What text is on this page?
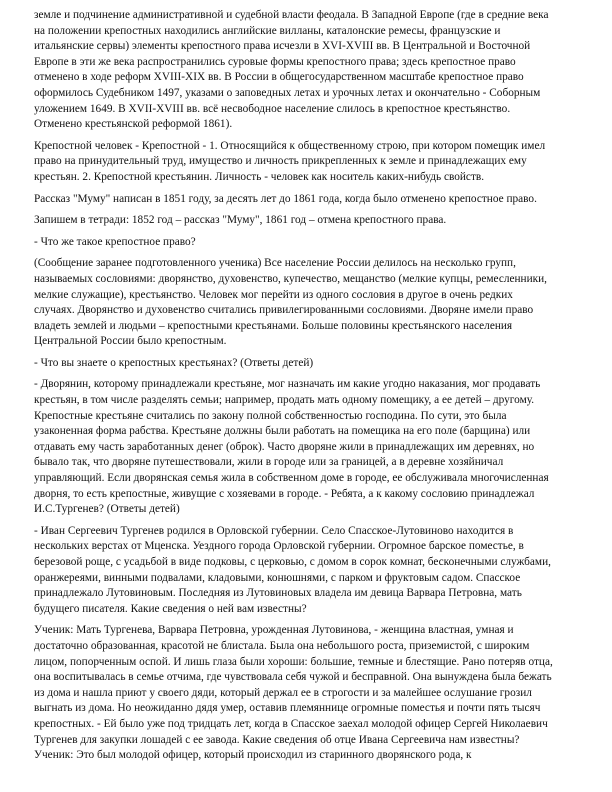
земле и подчинение административной и судебной власти феодала. В Западной Европе (где в средние века на положении крепостных находились английские вилланы, каталонские ремесы, французские и итальянские сервы) элементы крепостного права исчезли в XVI-XVIII вв. В Центральной и Восточной Европе в эти же века распространились суровые формы крепостного права; здесь крепостное право отменено в ходе реформ XVIII-XIX вв. В России в общегосударственном масштабе крепостное право оформилось Судебником 1497, указами о заповедных летах и урочных летах и окончательно - Соборным уложением 1649. В XVII-XVIII вв. всё несвободное население слилось в крепостное крестьянство. Отменено крестьянской реформой 1861).

Крепостной человек - Крепостной - 1. Относящийся к общественному строю, при котором помещик имел право на принудительный труд, имущество и личность прикрепленных к земле и принадлежащих ему крестьян. 2. Крепостной крестьянин. Личность - человек как носитель каких-нибудь свойств.

Рассказ "Муму" написан в 1851 году, за десять лет до 1861 года, когда было отменено крепостное право.

Запишем в тетради: 1852 год – рассказ "Муму", 1861 год – отмена крепостного права.

- Что же такое крепостное право?

(Сообщение заранее подготовленного ученика) Все население России делилось на несколько групп, называемых сословиями: дворянство, духовенство, купечество, мещанство (мелкие купцы, ремесленники, мелкие служащие), крестьянство. Человек мог перейти из одного сословия в другое в очень редких случаях. Дворянство и духовенство считались привилегированными сословиями. Дворяне имели право владеть землей и людьми – крепостными крестьянами. Больше половины крестьянского населения Центральной России было крепостным.

- Что вы знаете о крепостных крестьянах? (Ответы детей)

- Дворянин, которому принадлежали крестьяне, мог назначать им какие угодно наказания, мог продавать крестьян, в том числе разделять семьи; например, продать мать одному помещику, а ее детей – другому. Крепостные крестьяне считались по закону полной собственностью господина. По сути, это была узаконенная форма рабства. Крестьяне должны были работать на помещика на его поле (барщина) или отдавать ему часть заработанных денег (оброк). Часто дворяне жили в принадлежащих им деревнях, но бывало так, что дворяне путешествовали, жили в городе или за границей, а в деревне хозяйничал управляющий. Если дворянская семья жила в собственном доме в городе, ее обслуживала многочисленная дворня, то есть крепостные, живущие с хозяевами в городе. - Ребята, а к какому сословию принадлежал И.С.Тургенев? (Ответы детей)

- Иван Сергеевич Тургенев родился в Орловской губернии. Село Спасское-Лутовиново находится в нескольких верстах от Мценска. Уездного города Орловской губернии. Огромное барское поместье, в березовой роще, с усадьбой в виде подковы, с церковью, с домом в сорок комнат, бесконечными службами, оранжереями, винными подвалами, кладовыми, конюшнями, с парком и фруктовым садом. Спасское принадлежало Лутовиновым. Последняя из Лутовиновых владела им девица Варвара Петровна, мать будущего писателя. Какие сведения о ней вам известны?

Ученик: Мать Тургенева, Варвара Петровна, урожденная Лутовинова, - женщина властная, умная и достаточно образованная, красотой не блистала. Была она небольшого роста, приземистой, с широким лицом, попорченным оспой. И лишь глаза были хороши: большие, темные и блестящие. Рано потеряв отца, она воспитывалась в семье отчима, где чувствовала себя чужой и бесправной. Она вынуждена была бежать из дома и нашла приют у своего дяди, который держал ее в строгости и за малейшее ослушание грозил выгнать из дома. Но неожиданно дядя умер, оставив племяннице огромные поместья и почти пять тысяч крепостных. - Ей было уже под тридцать лет, когда в Спасское заехал молодой офицер Сергей Николаевич Тургенев для закупки лошадей с ее завода. Какие сведения об отце Ивана Сергеевича нам известны? Ученик: Это был молодой офицер, который происходил из старинного дворянского рода, к
